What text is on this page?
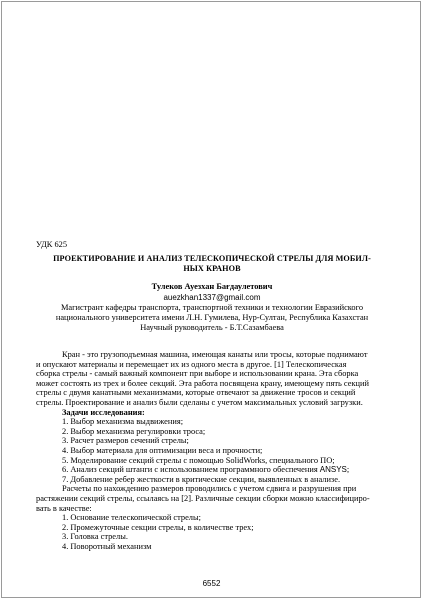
УДК 625
ПРОЕКТИРОВАНИЕ И АНАЛИЗ ТЕЛЕСКОПИЧЕСКОЙ СТРЕЛЫ ДЛЯ МОБИЛ-
НЫХ КРАНОВ
Тулеков Ауезхан Бағдаулетович
auezkhan1337@gmail.com
Магистрант кафедры транспорта, транспортной техники и технологии Евразийского
национального университета имени Л.Н. Гумилева, Нур-Султан, Республика Казахстан
Научный руководитель - Б.Т.Сазамбаева
Кран - это грузоподъемная машина, имеющая канаты или тросы, которые поднимают
и опускают материалы и перемещает их из одного места в другое. [1] Телескопическая
сборка стрелы - самый важный компонент при выборе и использовании крана. Эта сборка
может состоять из трех и более секций. Эта работа посвящена крану, имеющему пять секций
стрелы с двумя канатными механизмами, которые отвечают за движение тросов и секций
стрелы. Проектирование и анализ были сделаны с учетом максимальных условий загрузки.
Задачи исследования:
1. Выбор механизма выдвижения;
2. Выбор механизма регулировки троса;
3. Расчет размеров сечений стрелы;
4. Выбор материала для оптимизации веса и прочности;
5. Моделирование секций стрелы с помощью SolidWorks, специального ПО;
6. Анализ секций штанги с использованием программного обеспечения ANSYS;
7. Добавление ребер жесткости в критические секции, выявленных в анализе.
Расчеты по нахождению размеров проводились с учетом сдвига и разрушения при
растяжении секций стрелы, ссылаясь на [2]. Различные секции сборки можно классифициро-
вать в качестве:
1. Основание телескопической стрелы;
2. Промежуточные секции стрелы, в количестве трех;
3. Головка стрелы.
4. Поворотный механизм
6552
